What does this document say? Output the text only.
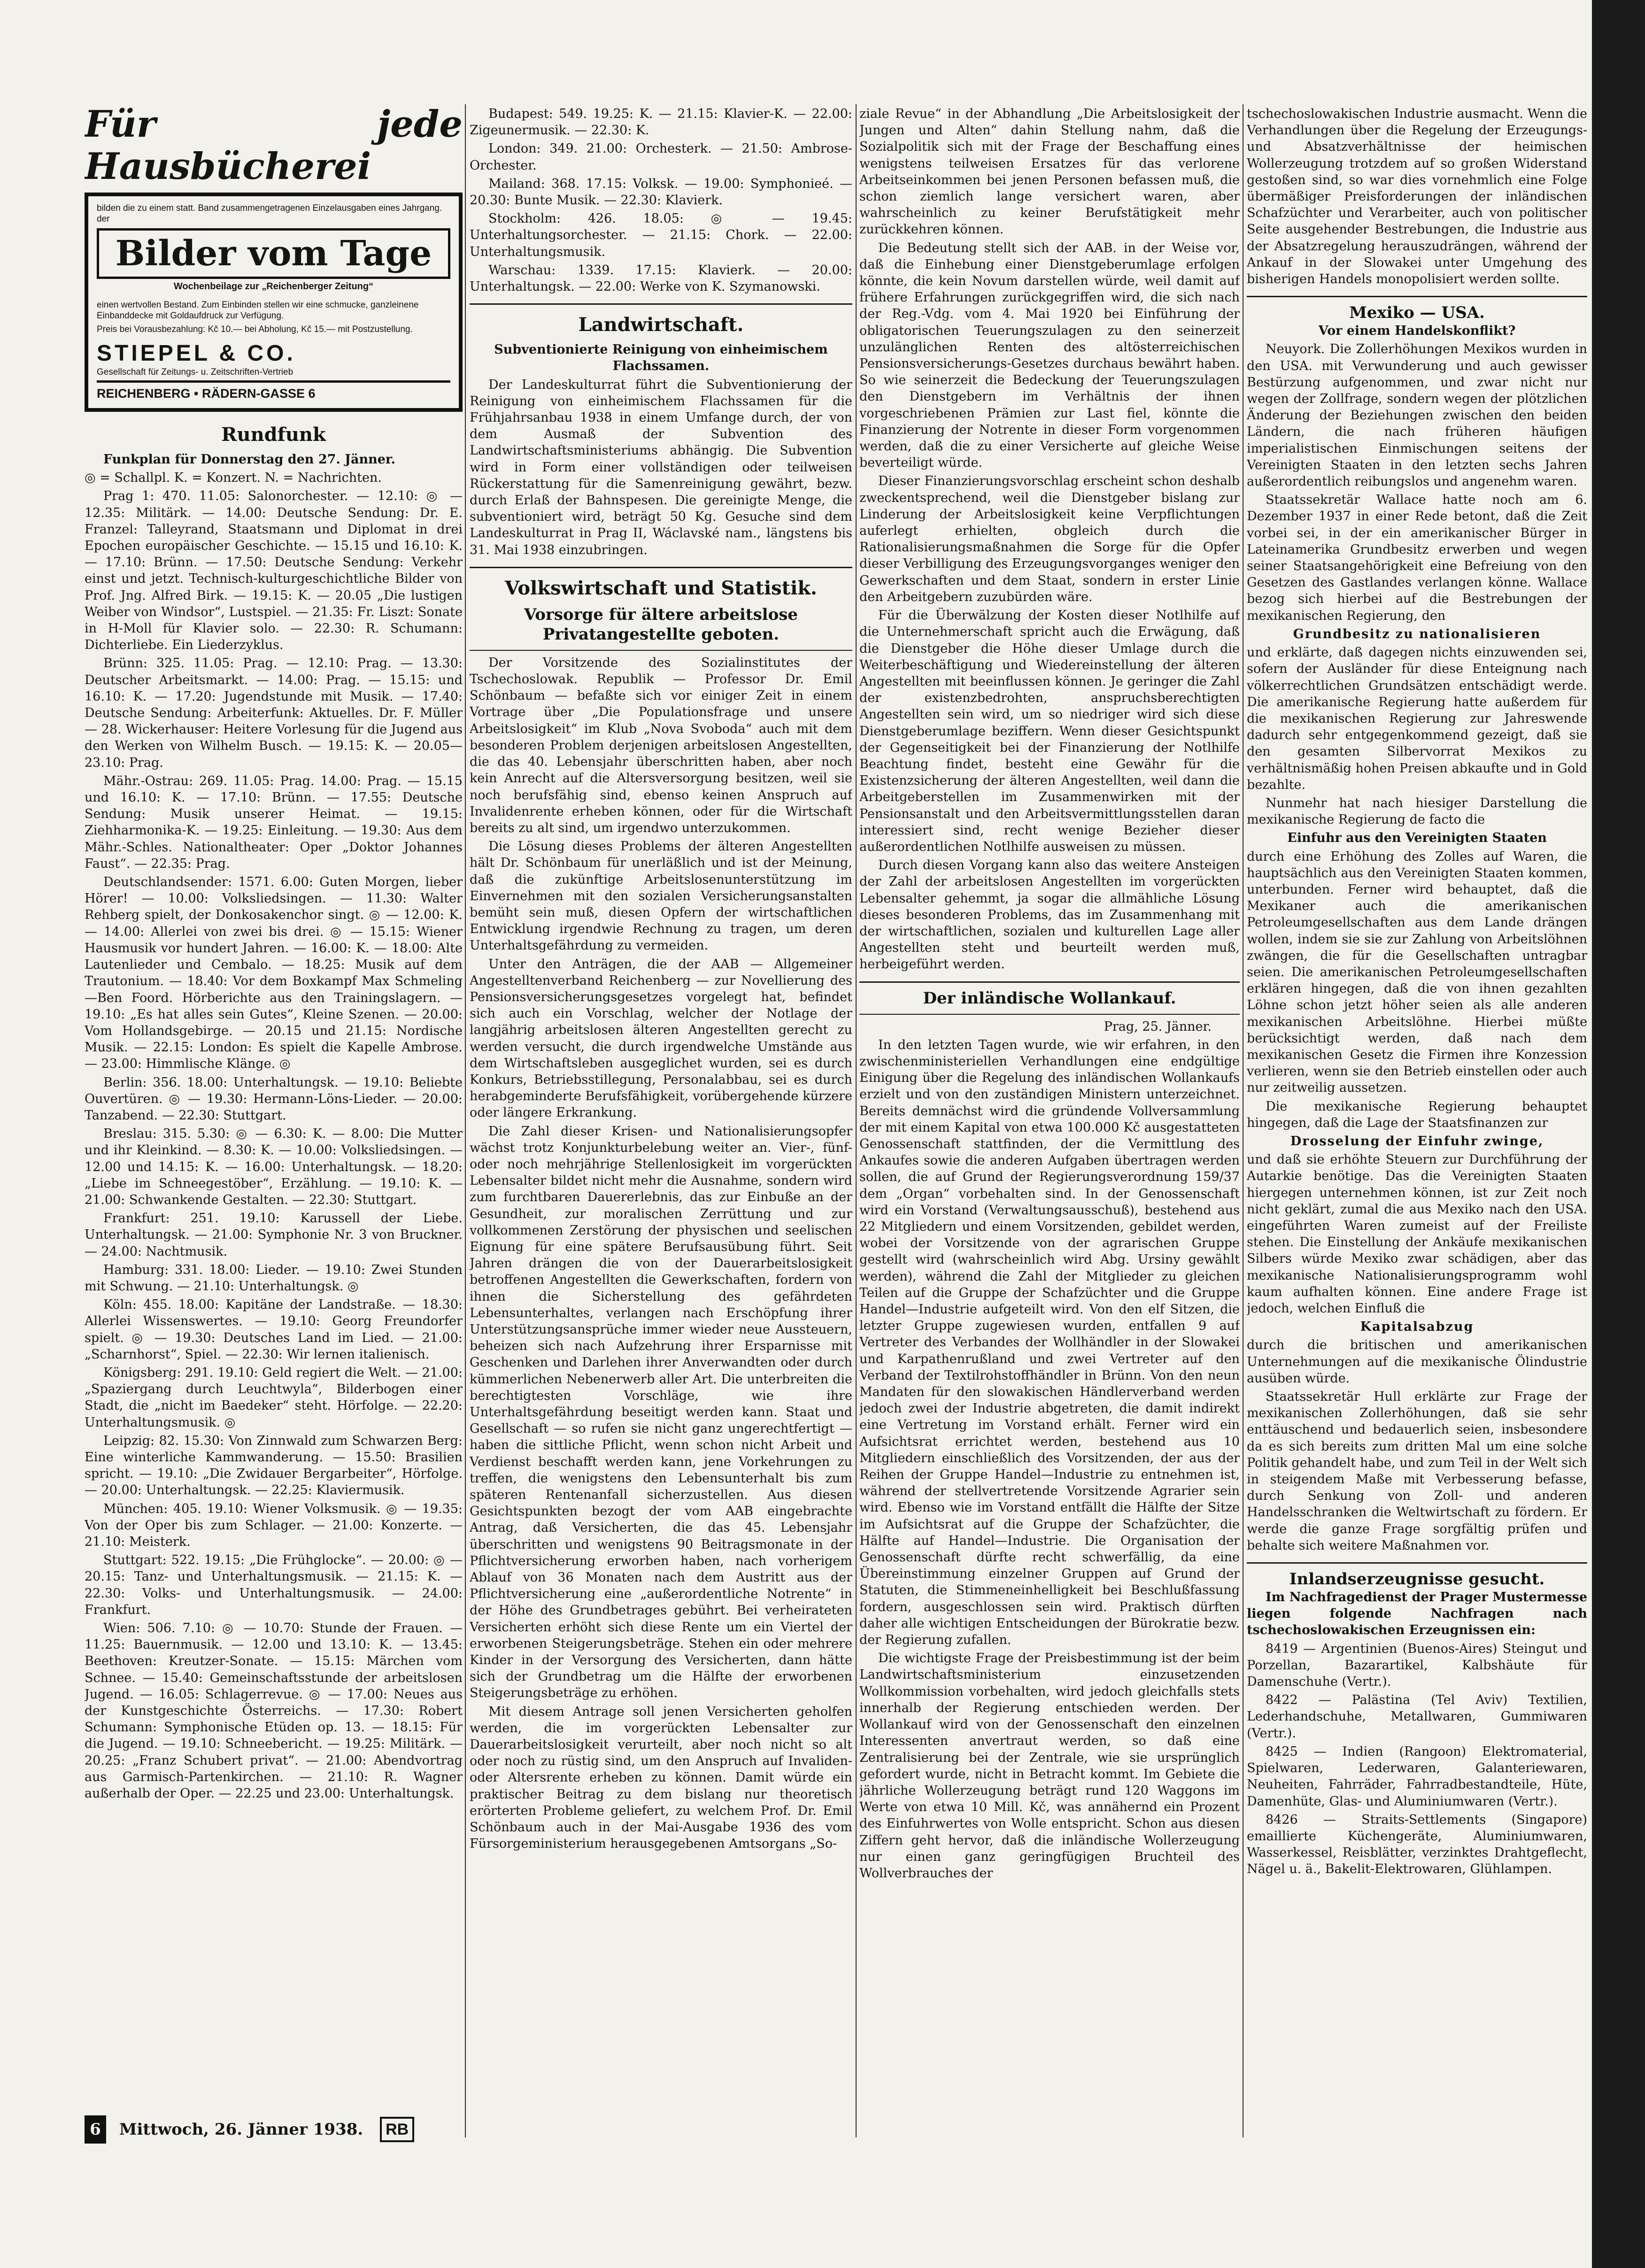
Für jede Hausbücherei
bilden die zu einem statt. Band zusammengetragenen Einzelausgaben eines Jahrgang. der
Bilder vom Tage
Wochenbeilage zur „Reichenberger Zeitung“
einen wertvollen Bestand. Zum Einbinden stellen wir eine schmucke, ganzleinene Einbanddecke mit Goldaufdruck zur Verfügung.
Preis bei Vorausbezahlung: Kč 10.— bei Abholung, Kč 15.— mit Postzustellung.
STIEPEL & CO.
Gesellschaft für Zeitungs- u. Zeitschriften-Vertrieb
REICHENBERG • RÄDERN-GASSE 6
Rundfunk

Funkplan für Donnerstag den 27. Jänner.

◎ = Schallpl. K. = Konzert. N. = Nachrichten.

Prag 1: 470. 11.05: Salonorchester. — 12.10: ◎ — 12.35: Militärk. — 14.00: Deutsche Sendung: Dr. E. Franzel: Talleyrand, Staatsmann und Diplomat in drei Epochen europäischer Geschichte. — 15.15 und 16.10: K. — 17.10: Brünn. — 17.50: Deutsche Sendung: Verkehr einst und jetzt. Technisch-kulturgeschichtliche Bilder von Prof. Jng. Alfred Birk. — 19.15: K. — 20.05 „Die lustigen Weiber von Windsor“, Lustspiel. — 21.35: Fr. Liszt: Sonate in H-Moll für Klavier solo. — 22.30: R. Schumann: Dichterliebe. Ein Liederzyklus.

Brünn: 325. 11.05: Prag. — 12.10: Prag. — 13.30: Deutscher Arbeitsmarkt. — 14.00: Prag. — 15.15: und 16.10: K. — 17.20: Jugendstunde mit Musik. — 17.40: Deutsche Sendung: Arbeiterfunk: Aktuelles. Dr. F. Müller — 28. Wickerhauser: Heitere Vorlesung für die Jugend aus den Werken von Wilhelm Busch. — 19.15: K. — 20.05—23.10: Prag.

Mähr.-Ostrau: 269. 11.05: Prag. 14.00: Prag. — 15.15 und 16.10: K. — 17.10: Brünn. — 17.55: Deutsche Sendung: Musik unserer Heimat. — 19.15: Ziehharmonika-K. — 19.25: Einleitung. — 19.30: Aus dem Mähr.-Schles. Nationaltheater: Oper „Doktor Johannes Faust“. — 22.35: Prag.

Deutschlandsender: 1571. 6.00: Guten Morgen, lieber Hörer! — 10.00: Volksliedsingen. — 11.30: Walter Rehberg spielt, der Donkosakenchor singt. ◎ — 12.00: K. — 14.00: Allerlei von zwei bis drei. ◎ — 15.15: Wiener Hausmusik vor hundert Jahren. — 16.00: K. — 18.00: Alte Lautenlieder und Cembalo. — 18.25: Musik auf dem Trautonium. — 18.40: Vor dem Boxkampf Max Schmeling—Ben Foord. Hörberichte aus den Trainingslagern. — 19.10: „Es hat alles sein Gutes“, Kleine Szenen. — 20.00: Vom Hollandsgebirge. — 20.15 und 21.15: Nordische Musik. — 22.15: London: Es spielt die Kapelle Ambrose. — 23.00: Himmlische Klänge. ◎

Berlin: 356. 18.00: Unterhaltungsk. — 19.10: Beliebte Ouvertüren. ◎ — 19.30: Hermann-Löns-Lieder. — 20.00: Tanzabend. — 22.30: Stuttgart.

Breslau: 315. 5.30: ◎ — 6.30: K. — 8.00: Die Mutter und ihr Kleinkind. — 8.30: K. — 10.00: Volksliedsingen. — 12.00 und 14.15: K. — 16.00: Unterhaltungsk. — 18.20: „Liebe im Schneegestöber“, Erzählung. — 19.10: K. — 21.00: Schwankende Gestalten. — 22.30: Stuttgart.

Frankfurt: 251. 19.10: Karussell der Liebe. Unterhaltungsk. — 21.00: Symphonie Nr. 3 von Bruckner. — 24.00: Nachtmusik.

Hamburg: 331. 18.00: Lieder. — 19.10: Zwei Stunden mit Schwung. — 21.10: Unterhaltungsk. ◎

Köln: 455. 18.00: Kapitäne der Landstraße. — 18.30: Allerlei Wissenswertes. — 19.10: Georg Freundorfer spielt. ◎ — 19.30: Deutsches Land im Lied. — 21.00: „Scharnhorst“, Spiel. — 22.30: Wir lernen italienisch.

Königsberg: 291. 19.10: Geld regiert die Welt. — 21.00: „Spaziergang durch Leuchtwyla“, Bilderbogen einer Stadt, die „nicht im Baedeker“ steht. Hörfolge. — 22.20: Unterhaltungsmusik. ◎

Leipzig: 82. 15.30: Von Zinnwald zum Schwarzen Berg: Eine winterliche Kammwanderung. — 15.50: Brasilien spricht. — 19.10: „Die Zwidauer Bergarbeiter“, Hörfolge. — 20.00: Unterhaltungsk. — 22.25: Klaviermusik.

München: 405. 19.10: Wiener Volksmusik. ◎ — 19.35: Von der Oper bis zum Schlager. — 21.00: Konzerte. — 21.10: Meisterk.

Stuttgart: 522. 19.15: „Die Frühglocke“. — 20.00: ◎ — 20.15: Tanz- und Unterhaltungsmusik. — 21.15: K. — 22.30: Volks- und Unterhaltungsmusik. — 24.00: Frankfurt.

Wien: 506. 7.10: ◎ — 10.70: Stunde der Frauen. — 11.25: Bauernmusik. — 12.00 und 13.10: K. — 13.45: Beethoven: Kreutzer-Sonate. — 15.15: Märchen vom Schnee. — 15.40: Gemeinschaftsstunde der arbeitslosen Jugend. — 16.05: Schlagerrevue. ◎ — 17.00: Neues aus der Kunstgeschichte Österreichs. — 17.30: Robert Schumann: Symphonische Etüden op. 13. — 18.15: Für die Jugend. — 19.10: Schneebericht. — 19.25: Militärk. — 20.25: „Franz Schubert privat“. — 21.00: Abendvortrag aus Garmisch-Partenkirchen. — 21.10: R. Wagner außerhalb der Oper. — 22.25 und 23.00: Unterhaltungsk.

Budapest: 549. 19.25: K. — 21.15: Klavier-K. — 22.00: Zigeunermusik. — 22.30: K.

London: 349. 21.00: Orchesterk. — 21.50: Ambrose-Orchester.

Mailand: 368. 17.15: Volksk. — 19.00: Symphonieé. — 20.30: Bunte Musik. — 22.30: Klavierk.

Stockholm: 426. 18.05: ◎ — 19.45: Unterhaltungsorchester. — 21.15: Chork. — 22.00: Unterhaltungsmusik.

Warschau: 1339. 17.15: Klavierk. — 20.00: Unterhaltungsk. — 22.00: Werke von K. Szymanowski.

Landwirtschaft.

Subventionierte Reinigung von einheimischem Flachssamen.

Der Landeskulturrat führt die Subventionierung der Reinigung von einheimischem Flachssamen für die Frühjahrsanbau 1938 in einem Umfange durch, der von dem Ausmaß der Subvention des Landwirtschaftsministeriums abhängig. Die Subvention wird in Form einer vollständigen oder teilweisen Rückerstattung für die Samenreinigung gewährt, bezw. durch Erlaß der Bahnspesen. Die gereinigte Menge, die subventioniert wird, beträgt 50 Kg. Gesuche sind dem Landeskulturrat in Prag II, Wáclavské nam., längstens bis 31. Mai 1938 einzubringen.

Volkswirtschaft und Statistik.
Vorsorge für ältere arbeitslose Privatangestellte geboten.

Der Vorsitzende des Sozialinstitutes der Tschechoslowak. Republik — Professor Dr. Emil Schönbaum — befaßte sich vor einiger Zeit in einem Vortrage über „Die Populationsfrage und unsere Arbeitslosigkeit“ im Klub „Nova Svoboda“ auch mit dem besonderen Problem derjenigen arbeitslosen Angestellten, die das 40. Lebensjahr überschritten haben, aber noch kein Anrecht auf die Altersversorgung besitzen, weil sie noch berufsfähig sind, ebenso keinen Anspruch auf Invalidenrente erheben können, oder für die Wirtschaft bereits zu alt sind, um irgendwo unterzukommen.

Die Lösung dieses Problems der älteren Angestellten hält Dr. Schönbaum für unerläßlich und ist der Meinung, daß die zukünftige Arbeitslosenunterstützung im Einvernehmen mit den sozialen Versicherungsanstalten bemüht sein muß, diesen Opfern der wirtschaftlichen Entwicklung irgendwie Rechnung zu tragen, um deren Unterhaltsgefährdung zu vermeiden.

Unter den Anträgen, die der AAB — Allgemeiner Angestelltenverband Reichenberg — zur Novellierung des Pensionsversicherungsgesetzes vorgelegt hat, befindet sich auch ein Vorschlag, welcher der Notlage der langjährig arbeitslosen älteren Angestellten gerecht zu werden versucht, die durch irgendwelche Umstände aus dem Wirtschaftsleben ausgeglichet wurden, sei es durch Konkurs, Betriebsstillegung, Personalabbau, sei es durch herabgeminderte Berufsfähigkeit, vorübergehende kürzere oder längere Erkrankung.

Die Zahl dieser Krisen- und Nationalisierungsopfer wächst trotz Konjunkturbelebung weiter an. Vier-, fünf- oder noch mehrjährige Stellenlosigkeit im vorgerückten Lebensalter bildet nicht mehr die Ausnahme, sondern wird zum furchtbaren Dauererlebnis, das zur Einbuße an der Gesundheit, zur moralischen Zerrüttung und zur vollkommenen Zerstörung der physischen und seelischen Eignung für eine spätere Berufsausübung führt. Seit Jahren drängen die von der Dauerarbeitslosigkeit betroffenen Angestellten die Gewerkschaften, fordern von ihnen die Sicherstellung des gefährdeten Lebensunterhaltes, verlangen nach Erschöpfung ihrer Unterstützungsansprüche immer wieder neue Aussteuern, beheizen sich nach Aufzehrung ihrer Ersparnisse mit Geschenken und Darlehen ihrer Anverwandten oder durch kümmerlichen Nebenerwerb aller Art. Die unterbreiten die berechtigtesten Vorschläge, wie ihre Unterhaltsgefährdung beseitigt werden kann. Staat und Gesellschaft — so rufen sie nicht ganz ungerechtfertigt — haben die sittliche Pflicht, wenn schon nicht Arbeit und Verdienst beschafft werden kann, jene Vorkehrungen zu treffen, die wenigstens den Lebensunterhalt bis zum späteren Rentenanfall sicherzustellen. Aus diesen Gesichtspunkten bezogt der vom AAB eingebrachte Antrag, daß Versicherten, die das 45. Lebensjahr überschritten und wenigstens 90 Beitragsmonate in der Pflichtversicherung erworben haben, nach vorherigem Ablauf von 36 Monaten nach dem Austritt aus der Pflichtversicherung eine „außerordentliche Notrente“ in der Höhe des Grundbetrages gebührt. Bei verheirateten Versicherten erhöht sich diese Rente um ein Viertel der erworbenen Steigerungsbeträge. Stehen ein oder mehrere Kinder in der Versorgung des Versicherten, dann hätte sich der Grundbetrag um die Hälfte der erworbenen Steigerungsbeträge zu erhöhen.

Mit diesem Antrage soll jenen Versicherten geholfen werden, die im vorgerückten Lebensalter zur Dauerarbeitslosigkeit verurteilt, aber noch nicht so alt oder noch zu rüstig sind, um den Anspruch auf Invaliden- oder Altersrente erheben zu können. Damit würde ein praktischer Beitrag zu dem bislang nur theoretisch erörterten Probleme geliefert, zu welchem Prof. Dr. Emil Schönbaum auch in der Mai-Ausgabe 1936 des vom Fürsorgeministerium herausgegebenen Amtsorgans „So-

ziale Revue“ in der Abhandlung „Die Arbeitslosigkeit der Jungen und Alten“ dahin Stellung nahm, daß die Sozialpolitik sich mit der Frage der Beschaffung eines wenigstens teilweisen Ersatzes für das verlorene Arbeitseinkommen bei jenen Personen befassen muß, die schon ziemlich lange versichert waren, aber wahrscheinlich zu keiner Berufstätigkeit mehr zurückkehren können.

Die Bedeutung stellt sich der AAB. in der Weise vor, daß die Einhebung einer Dienstgeberumlage erfolgen könnte, die kein Novum darstellen würde, weil damit auf frühere Erfahrungen zurückgegriffen wird, die sich nach der Reg.-Vdg. vom 4. Mai 1920 bei Einführung der obligatorischen Teuerungszulagen zu den seinerzeit unzulänglichen Renten des altösterreichischen Pensionsversicherungs-Gesetzes durchaus bewährt haben. So wie seinerzeit die Bedeckung der Teuerungszulagen den Dienstgebern im Verhältnis der ihnen vorgeschriebenen Prämien zur Last fiel, könnte die Finanzierung der Notrente in dieser Form vorgenommen werden, daß die zu einer Versicherte auf gleiche Weise beverteiligt würde.

Dieser Finanzierungsvorschlag erscheint schon deshalb zweckentsprechend, weil die Dienstgeber bislang zur Linderung der Arbeitslosigkeit keine Verpflichtungen auferlegt erhielten, obgleich durch die Rationalisierungsmaßnahmen die Sorge für die Opfer dieser Verbilligung des Erzeugungsvorganges weniger den Gewerkschaften und dem Staat, sondern in erster Linie den Arbeitgebern zuzubürden wäre.

Für die Überwälzung der Kosten dieser Notlhilfe auf die Unternehmerschaft spricht auch die Erwägung, daß die Dienstgeber die Höhe dieser Umlage durch die Weiterbeschäftigung und Wiedereinstellung der älteren Angestellten mit beeinflussen können. Je geringer die Zahl der existenzbedrohten, anspruchsberechtigten Angestellten sein wird, um so niedriger wird sich diese Dienstgeberumlage beziffern. Wenn dieser Gesichtspunkt der Gegenseitigkeit bei der Finanzierung der Notlhilfe Beachtung findet, besteht eine Gewähr für die Existenzsicherung der älteren Angestellten, weil dann die Arbeitgeberstellen im Zusammenwirken mit der Pensionsanstalt und den Arbeitsvermittlungsstellen daran interessiert sind, recht wenige Bezieher dieser außerordentlichen Notlhilfe ausweisen zu müssen.

Durch diesen Vorgang kann also das weitere Ansteigen der Zahl der arbeitslosen Angestellten im vorgerückten Lebensalter gehemmt, ja sogar die allmähliche Lösung dieses besonderen Problems, das im Zusammenhang mit der wirtschaftlichen, sozialen und kulturellen Lage aller Angestellten steht und beurteilt werden muß, herbeigeführt werden.

Der inländische Wollankauf.

Prag, 25. Jänner.

In den letzten Tagen wurde, wie wir erfahren, in den zwischenministeriellen Verhandlungen eine endgültige Einigung über die Regelung des inländischen Wollankaufs erzielt und von den zuständigen Ministern unterzeichnet. Bereits demnächst wird die gründende Vollversammlung der mit einem Kapital von etwa 100.000 Kč ausgestatteten Genossenschaft stattfinden, der die Vermittlung des Ankaufes sowie die anderen Aufgaben übertragen werden sollen, die auf Grund der Regierungsverordnung 159/37 dem „Organ“ vorbehalten sind. In der Genossenschaft wird ein Vorstand (Verwaltungsausschuß), bestehend aus 22 Mitgliedern und einem Vorsitzenden, gebildet werden, wobei der Vorsitzende von der agrarischen Gruppe gestellt wird (wahrscheinlich wird Abg. Ursiny gewählt werden), während die Zahl der Mitglieder zu gleichen Teilen auf die Gruppe der Schafzüchter und die Gruppe Handel—Industrie aufgeteilt wird. Von den elf Sitzen, die letzter Gruppe zugewiesen wurden, entfallen 9 auf Vertreter des Verbandes der Wollhändler in der Slowakei und Karpathenrußland und zwei Vertreter auf den Verband der Textilrohstoffhändler in Brünn. Von den neun Mandaten für den slowakischen Händlerverband werden jedoch zwei der Industrie abgetreten, die damit indirekt eine Vertretung im Vorstand erhält. Ferner wird ein Aufsichtsrat errichtet werden, bestehend aus 10 Mitgliedern einschließlich des Vorsitzenden, der aus der Reihen der Gruppe Handel—Industrie zu entnehmen ist, während der stellvertretende Vorsitzende Agrarier sein wird. Ebenso wie im Vorstand entfällt die Hälfte der Sitze im Aufsichtsrat auf die Gruppe der Schafzüchter, die Hälfte auf Handel—Industrie. Die Organisation der Genossenschaft dürfte recht schwerfällig, da eine Übereinstimmung einzelner Gruppen auf Grund der Statuten, die Stimmeneinhelligkeit bei Beschlußfassung fordern, ausgeschlossen sein wird. Praktisch dürften daher alle wichtigen Entscheidungen der Bürokratie bezw. der Regierung zufallen.

Die wichtigste Frage der Preisbestimmung ist der beim Landwirtschaftsministerium einzusetzenden Wollkommission vorbehalten, wird jedoch gleichfalls stets innerhalb der Regierung entschieden werden. Der Wollankauf wird von der Genossenschaft den einzelnen Interessenten anvertraut werden, so daß eine Zentralisierung bei der Zentrale, wie sie ursprünglich gefordert wurde, nicht in Betracht kommt. Im Gebiete die jährliche Wollerzeugung beträgt rund 120 Waggons im Werte von etwa 10 Mill. Kč, was annähernd ein Prozent des Einfuhrwertes von Wolle entspricht. Schon aus diesen Ziffern geht hervor, daß die inländische Wollerzeugung nur einen ganz geringfügigen Bruchteil des Wollverbrauches der

tschechoslowakischen Industrie ausmacht. Wenn die Verhandlungen über die Regelung der Erzeugungs- und Absatzverhältnisse der heimischen Wollerzeugung trotzdem auf so großen Widerstand gestoßen sind, so war dies vornehmlich eine Folge übermäßiger Preisforderungen der inländischen Schafzüchter und Verarbeiter, auch von politischer Seite ausgehender Bestrebungen, die Industrie aus der Absatzregelung herauszudrängen, während der Ankauf in der Slowakei unter Umgehung des bisherigen Handels monopolisiert werden sollte.

Mexiko — USA.

Vor einem Handelskonflikt?

Neuyork. Die Zollerhöhungen Mexikos wurden in den USA. mit Verwunderung und auch gewisser Bestürzung aufgenommen, und zwar nicht nur wegen der Zollfrage, sondern wegen der plötzlichen Änderung der Beziehungen zwischen den beiden Ländern, die nach früheren häufigen imperialistischen Einmischungen seitens der Vereinigten Staaten in den letzten sechs Jahren außerordentlich reibungslos und angenehm waren.

Staatssekretär Wallace hatte noch am 6. Dezember 1937 in einer Rede betont, daß die Zeit vorbei sei, in der ein amerikanischer Bürger in Lateinamerika Grundbesitz erwerben und wegen seiner Staatsangehörigkeit eine Befreiung von den Gesetzen des Gastlandes verlangen könne. Wallace bezog sich hierbei auf die Bestrebungen der mexikanischen Regierung, den

Grundbesitz zu nationalisieren

und erklärte, daß dagegen nichts einzuwenden sei, sofern der Ausländer für diese Enteignung nach völkerrechtlichen Grundsätzen entschädigt werde. Die amerikanische Regierung hatte außerdem für die mexikanischen Regierung zur Jahreswende dadurch sehr entgegenkommend gezeigt, daß sie den gesamten Silbervorrat Mexikos zu verhältnismäßig hohen Preisen abkaufte und in Gold bezahlte.

Nunmehr hat nach hiesiger Darstellung die mexikanische Regierung de facto die

Einfuhr aus den Vereinigten Staaten

durch eine Erhöhung des Zolles auf Waren, die hauptsächlich aus den Vereinigten Staaten kommen, unterbunden. Ferner wird behauptet, daß die Mexikaner auch die amerikanischen Petroleumgesellschaften aus dem Lande drängen wollen, indem sie sie zur Zahlung von Arbeitslöhnen zwängen, die für die Gesellschaften untragbar seien. Die amerikanischen Petroleumgesellschaften erklären hingegen, daß die von ihnen gezahlten Löhne schon jetzt höher seien als alle anderen mexikanischen Arbeitslöhne. Hierbei müßte berücksichtigt werden, daß nach dem mexikanischen Gesetz die Firmen ihre Konzession verlieren, wenn sie den Betrieb einstellen oder auch nur zeitweilig aussetzen.

Die mexikanische Regierung behauptet hingegen, daß die Lage der Staatsfinanzen zur

Drosselung der Einfuhr zwinge,

und daß sie erhöhte Steuern zur Durchführung der Autarkie benötige. Das die Vereinigten Staaten hiergegen unternehmen können, ist zur Zeit noch nicht geklärt, zumal die aus Mexiko nach den USA. eingeführten Waren zumeist auf der Freiliste stehen. Die Einstellung der Ankäufe mexikanischen Silbers würde Mexiko zwar schädigen, aber das mexikanische Nationalisierungsprogramm wohl kaum aufhalten können. Eine andere Frage ist jedoch, welchen Einfluß die

Kapitalsabzug

durch die britischen und amerikanischen Unternehmungen auf die mexikanische Ölindustrie ausüben würde.

Staatssekretär Hull erklärte zur Frage der mexikanischen Zollerhöhungen, daß sie sehr enttäuschend und bedauerlich seien, insbesondere da es sich bereits zum dritten Mal um eine solche Politik gehandelt habe, und zum Teil in der Welt sich in steigendem Maße mit Verbesserung befasse, durch Senkung von Zoll- und anderen Handelsschranken die Weltwirtschaft zu fördern. Er werde die ganze Frage sorgfältig prüfen und behalte sich weitere Maßnahmen vor.

Inlandserzeugnisse gesucht.

Im Nachfragedienst der Prager Mustermesse liegen folgende Nachfragen nach tschechoslowakischen Erzeugnissen ein:

8419 — Argentinien (Buenos-Aires) Steingut und Porzellan, Bazarartikel, Kalbshäute für Damenschuhe (Vertr.).

8422 — Palästina (Tel Aviv) Textilien, Lederhandschuhe, Metallwaren, Gummiwaren (Vertr.).

8425 — Indien (Rangoon) Elektromaterial, Spielwaren, Lederwaren, Galanteriewaren, Neuheiten, Fahrräder, Fahrradbestandteile, Hüte, Damenhüte, Glas- und Aluminiumwaren (Vertr.).

8426 — Straits-Settlements (Singapore) emaillierte Küchengeräte, Aluminiumwaren, Wasserkessel, Reisblätter, verzinktes Drahtgeflecht, Nägel u. ä., Bakelit-Elektrowaren, Glühlampen.

6 Mittwoch, 26. Jänner 1938. RB
